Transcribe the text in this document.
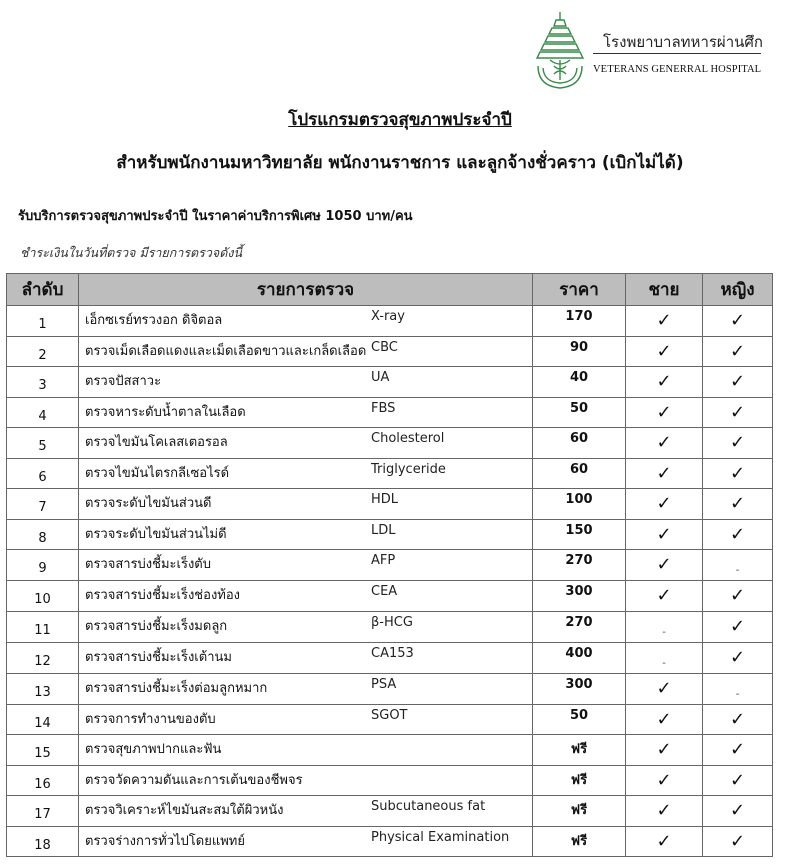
โรงพยาบาลทหารผ่านศึก
VETERANS GENERRAL HOSPITAL
โปรแกรมตรวจสุขภาพประจำปี
สำหรับพนักงานมหาวิทยาลัย พนักงานราชการ และลูกจ้างชั่วคราว (เบิกไม่ได้)
รับบริการตรวจสุขภาพประจำปี ในราคาค่าบริการพิเศษ 1050 บาท/คน
ชำระเงินในวันที่ตรวจ มีรายการตรวจดังนี้
ลำดับ	รายการตรวจ	ราคา	ชาย	หญิง

1	เอ็กซเรย์ทรวงอก ดิจิตอล X-ray	170	✓	✓

2	ตรวจเม็ดเลือดแดงและเม็ดเลือดขาวและเกล็ดเลือด CBC	90	✓	✓

3	ตรวจปัสสาวะ UA	40	✓	✓

4	ตรวจหาระดับน้ำตาลในเลือด FBS	50	✓	✓

5	ตรวจไขมันโคเลสเตอรอล Cholesterol	60	✓	✓

6	ตรวจไขมันไตรกลีเซอไรด์ Triglyceride	60	✓	✓

7	ตรวจระดับไขมันส่วนดี HDL	100	✓	✓

8	ตรวจระดับไขมันส่วนไม่ดี LDL	150	✓	✓

9	ตรวจสารบ่งชี้มะเร็งตับ AFP	270	✓	-

10	ตรวจสารบ่งชี้มะเร็งช่องท้อง CEA	300	✓	✓

11	ตรวจสารบ่งชี้มะเร็งมดลูก β-HCG	270	-	✓

12	ตรวจสารบ่งชี้มะเร็งเต้านม CA153	400	-	✓

13	ตรวจสารบ่งชี้มะเร็งต่อมลูกหมาก PSA	300	✓	-

14	ตรวจการทำงานของตับ SGOT	50	✓	✓

15	ตรวจสุขภาพปากและฟัน	ฟรี	✓	✓

16	ตรวจวัดความดันและการเต้นของชีพจร	ฟรี	✓	✓

17	ตรวจวิเคราะห์ไขมันสะสมใต้ผิวหนัง Subcutaneous fat	ฟรี	✓	✓

18	ตรวจร่างการทั่วไปโดยแพทย์ Physical Examination	ฟรี	✓	✓
